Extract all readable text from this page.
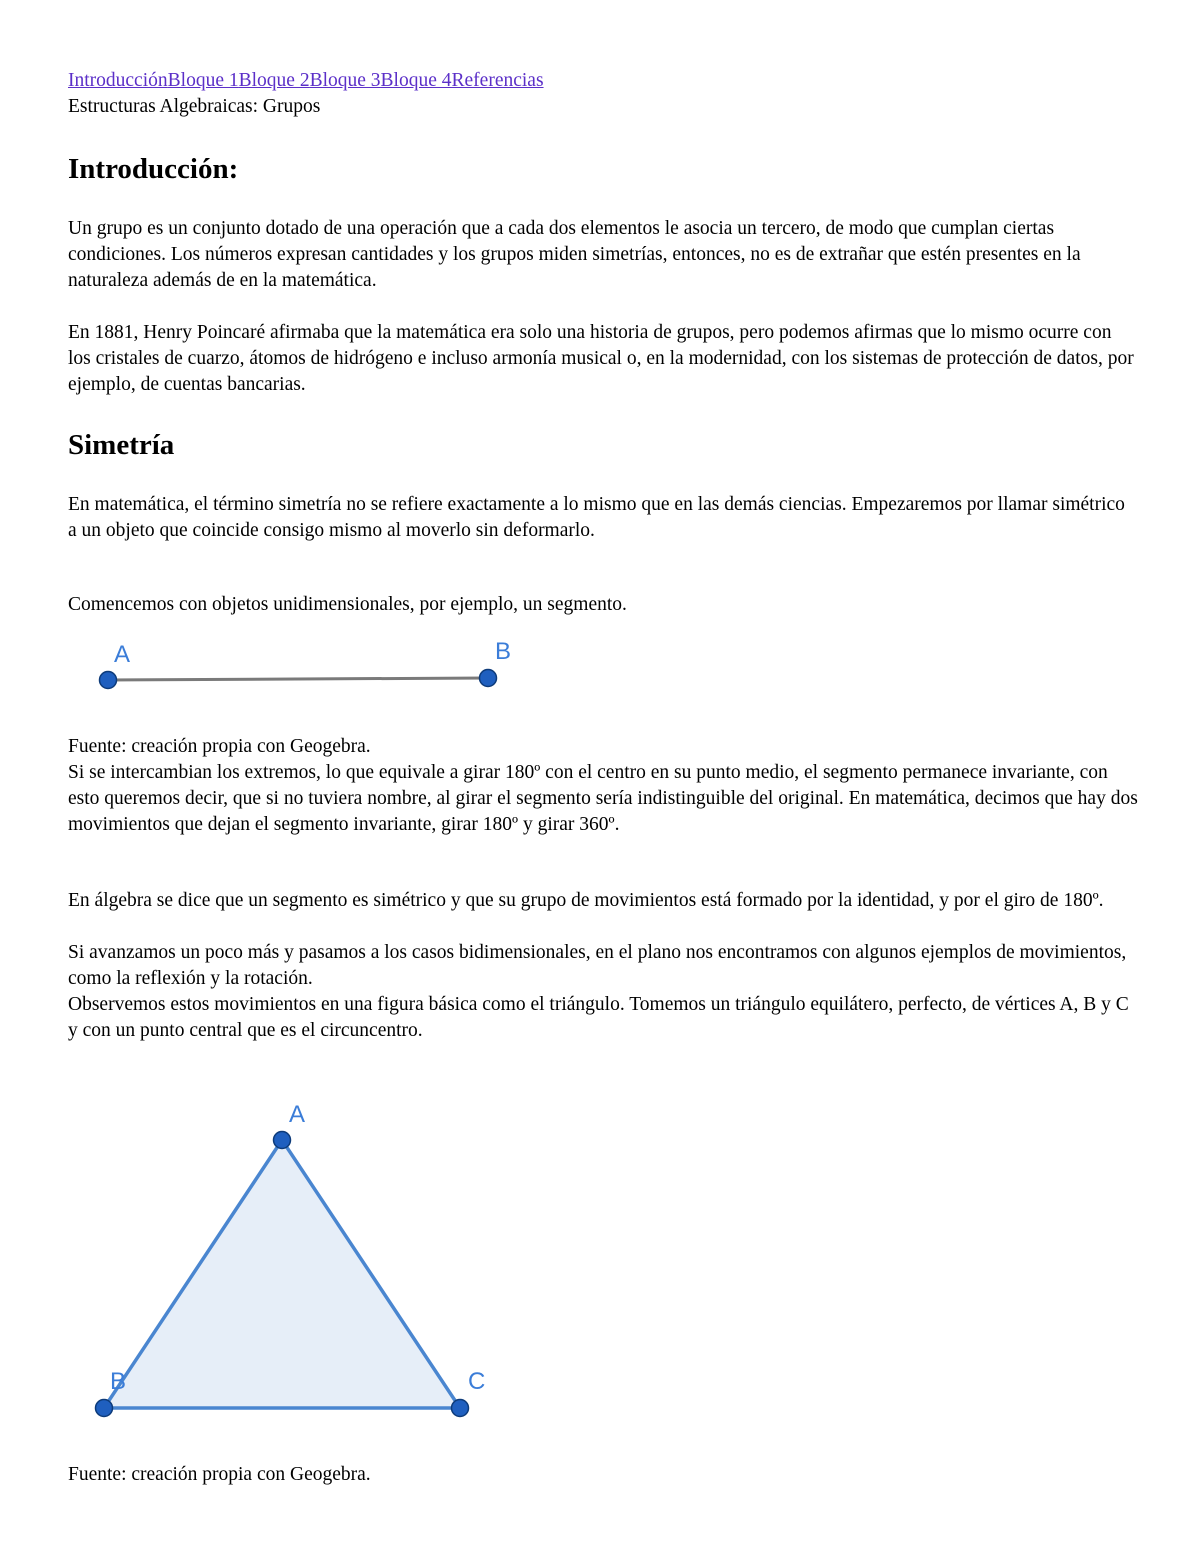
IntroducciónBloque 1Bloque 2Bloque 3Bloque 4Referencias
Estructuras Algebraicas: Grupos
Introducción:

Un grupo es un conjunto dotado de una operación que a cada dos elementos le asocia un tercero, de modo que cumplan ciertas condiciones. Los números expresan cantidades y los grupos miden simetrías, entonces, no es de extrañar que estén presentes en la naturaleza además de en la matemática.

En 1881, Henry Poincaré afirmaba que la matemática era solo una historia de grupos, pero podemos afirmas que lo mismo ocurre con los cristales de cuarzo, átomos de hidrógeno e incluso armonía musical o, en la modernidad, con los sistemas de protección de datos, por ejemplo, de cuentas bancarias.

Simetría

En matemática, el término simetría no se refiere exactamente a lo mismo que en las demás ciencias. Empezaremos por llamar simétrico a un objeto que coincide consigo mismo al moverlo sin deformarlo.

Comencemos con objetos unidimensionales, por ejemplo, un segmento.

A	B

Fuente: creación propia con Geogebra.

Si se intercambian los extremos, lo que equivale a girar 180º con el centro en su punto medio, el segmento permanece invariante, con esto queremos decir, que si no tuviera nombre, al girar el segmento sería indistinguible del original. En matemática, decimos que hay dos movimientos que dejan el segmento invariante, girar 180º y girar 360º.

En álgebra se dice que un segmento es simétrico y que su grupo de movimientos está formado por la identidad, y por el giro de 180º.

Si avanzamos un poco más y pasamos a los casos bidimensionales, en el plano nos encontramos con algunos ejemplos de movimientos, como la reflexión y la rotación.

Observemos estos movimientos en una figura básica como el triángulo. Tomemos un triángulo equilátero, perfecto, de vértices A, B y C y con un punto central que es el circuncentro.

A
B	C

Fuente: creación propia con Geogebra.
